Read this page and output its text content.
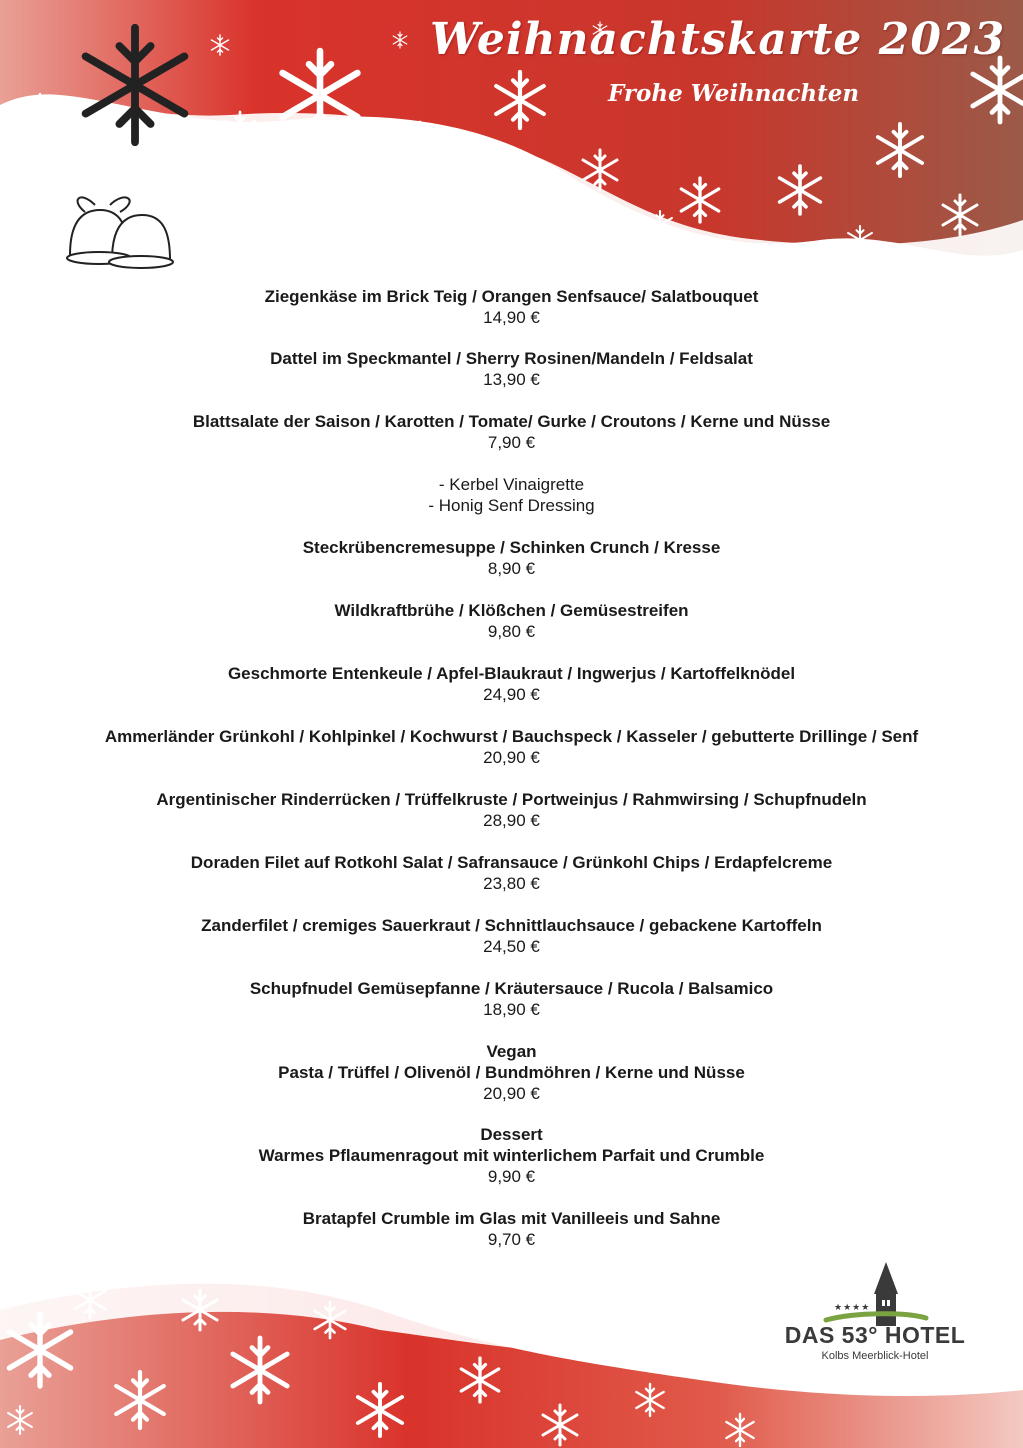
Weihnachtskarte 2023
Frohe Weihnachten
Ziegenkäse im Brick Teig / Orangen Senfsauce/ Salatbouquet
14,90 €
Dattel im Speckmantel / Sherry Rosinen/Mandeln / Feldsalat
13,90 €
Blattsalate der Saison / Karotten / Tomate/ Gurke / Croutons / Kerne und Nüsse
7,90 €
- Kerbel Vinaigrette
- Honig Senf Dressing
Steckrübencremesuppe / Schinken Crunch / Kresse
8,90 €
Wildkraftbrühe / Klößchen / Gemüsestreifen
9,80 €
Geschmorte Entenkeule / Apfel-Blaukraut / Ingwerjus / Kartoffelknödel
24,90 €
Ammerländer Grünkohl / Kohlpinkel / Kochwurst / Bauchspeck / Kasseler / gebutterte Drillinge / Senf
20,90 €
Argentinischer Rinderrücken / Trüffelkruste / Portweinjus / Rahmwirsing / Schupfnudeln
28,90 €
Doraden Filet auf Rotkohl Salat / Safransauce / Grünkohl Chips / Erdapfelcreme
23,80 €
Zanderfilet / cremiges Sauerkraut / Schnittlauchsauce / gebackene Kartoffeln
24,50 €
Schupfnudel Gemüsepfanne / Kräutersauce / Rucola / Balsamico
18,90 €
Vegan
Pasta / Trüffel / Olivenöl / Bundmöhren / Kerne und Nüsse
20,90 €
Dessert
Warmes Pflaumenragout mit winterlichem Parfait und Crumble
9,90 €
Bratapfel Crumble im Glas mit Vanilleeis und Sahne
9,70 €
★★★★
DAS 53° HOTEL
Kolbs Meerblick-Hotel
